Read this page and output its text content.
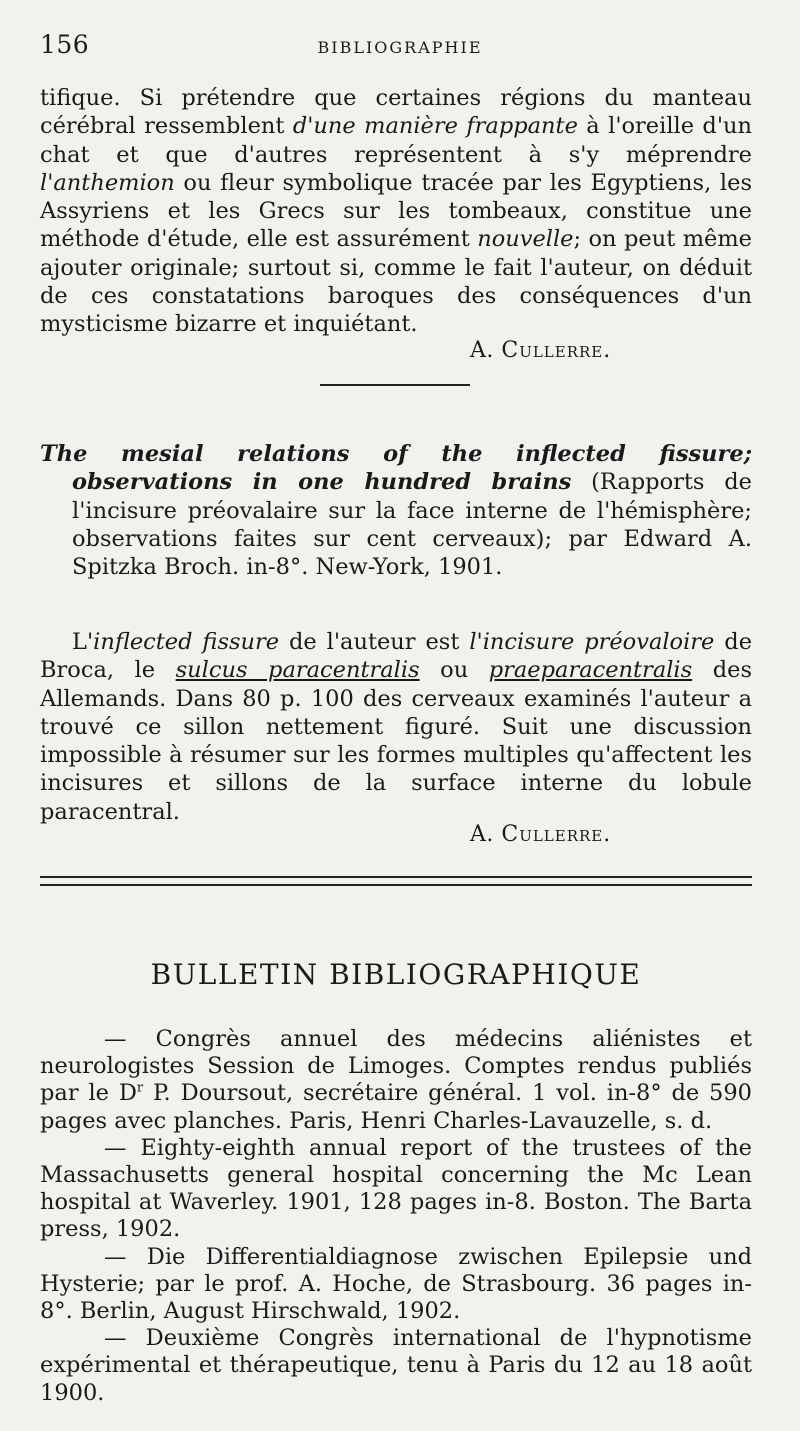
156	BIBLIOGRAPHIE
tifique. Si prétendre que certaines régions du manteau cérébral ressemblent d'une manière frappante à l'oreille d'un chat et que d'autres représentent à s'y méprendre l'anthemion ou fleur symbolique tracée par les Egyptiens, les Assyriens et les Grecs sur les tombeaux, constitue une méthode d'étude, elle est assurément nouvelle; on peut même ajouter originale; surtout si, comme le fait l'auteur, on déduit de ces constatations baroques des conséquences d'un mysticisme bizarre et inquiétant.
A. Cullerre.
The mesial relations of the inflected fissure; observations in one hundred brains (Rapports de l'incisure préovalaire sur la face interne de l'hémisphère; observations faites sur cent cerveaux); par Edward A. Spitzka Broch. in-8°. New-York, 1901.
L'inflected fissure de l'auteur est l'incisure préovaloire de Broca, le sulcus paracentralis ou praeparacentralis des Allemands. Dans 80 p. 100 des cerveaux examinés l'auteur a trouvé ce sillon nettement figuré. Suit une discussion impossible à résumer sur les formes multiples qu'affectent les incisures et sillons de la surface interne du lobule paracentral.
A. Cullerre.
BULLETIN BIBLIOGRAPHIQUE

— Congrès annuel des médecins aliénistes et neurologistes Session de Limoges. Comptes rendus publiés par le $D^r$ P. Doursout, secrétaire général. 1 vol. in-8° de 590 pages avec planches. Paris, Henri Charles-Lavauzelle, s. d.

— Eighty-eighth annual report of the trustees of the Massachusetts general hospital concerning the Mc Lean hospital at Waverley. 1901, 128 pages in-8. Boston. The Barta press, 1902.

— Die Differentialdiagnose zwischen Epilepsie und Hysterie; par le prof. A. Hoche, de Strasbourg. 36 pages in-8°. Berlin, August Hirschwald, 1902.

— Deuxième Congrès international de l'hypnotisme expérimental et thérapeutique, tenu à Paris du 12 au 18 août 1900.
